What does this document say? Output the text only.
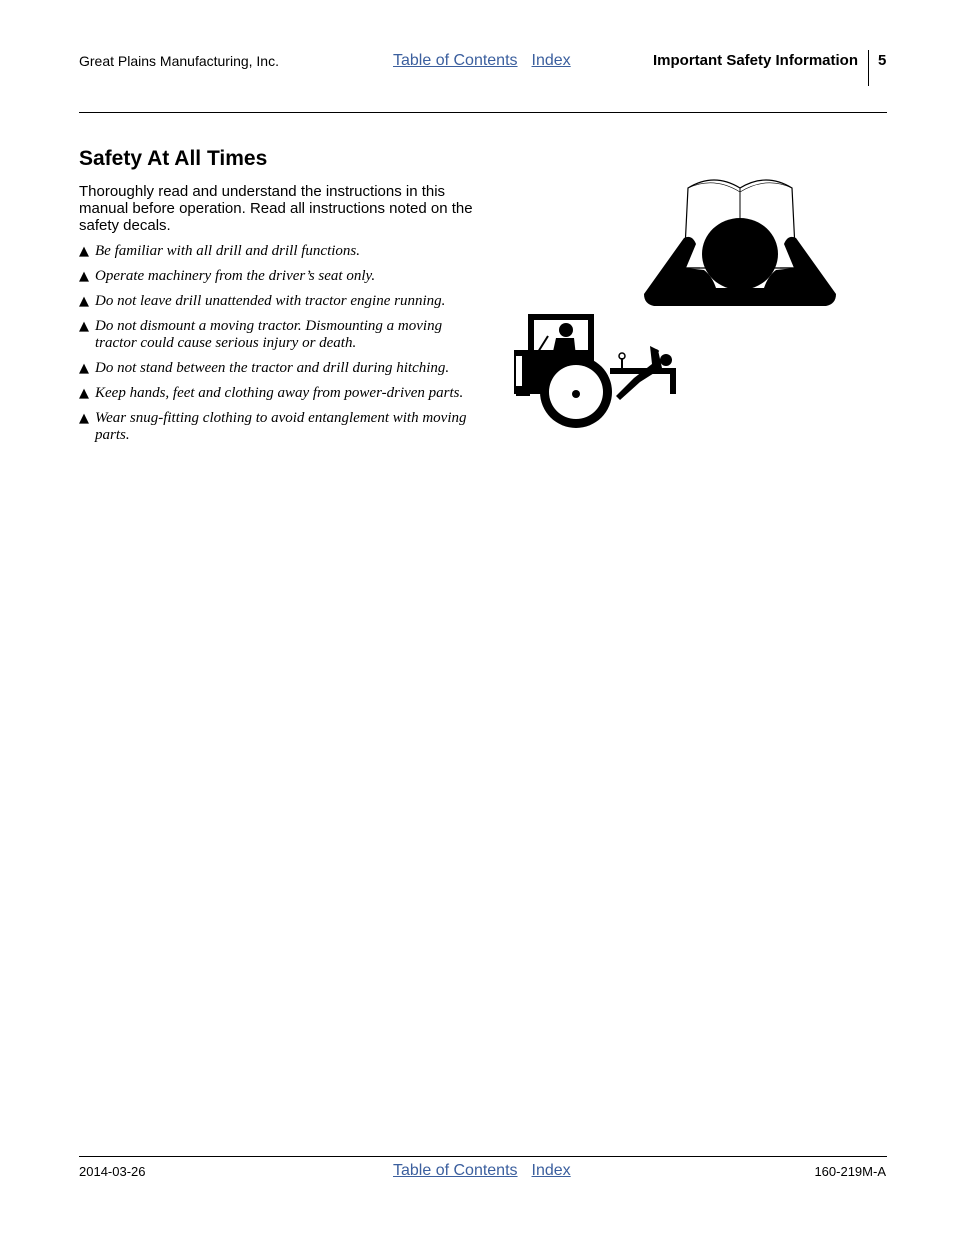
Great Plains Manufacturing, Inc.	Table of Contents Index	Important Safety Information 5
Safety At All Times

Thoroughly read and understand the instructions in this manual before operation. Read all instructions noted on the safety decals.

▲ Be familiar with all drill and drill functions.
▲ Operate machinery from the driver’s seat only.
▲ Do not leave drill unattended with tractor engine running.
▲ Do not dismount a moving tractor. Dismounting a moving tractor could cause serious injury or death.
▲ Do not stand between the tractor and drill during hitching.
▲ Keep hands, feet and clothing away from power-driven parts.
▲ Wear snug-fitting clothing to avoid entanglement with moving parts.
2014-03-26	Table of Contents Index	160-219M-A
